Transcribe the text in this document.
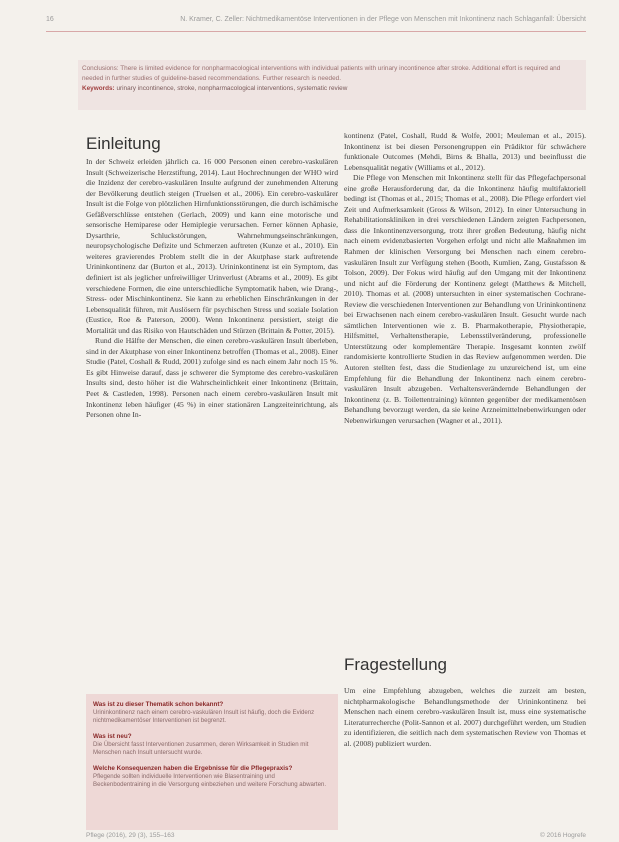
16	N. Kramer, C. Zeller: Nichtmedikamentöse Interventionen in der Pflege von Menschen mit Inkontinenz nach Schlaganfall: Übersicht
Conclusions: There is limited evidence for nonpharmacological interventions with individual patients with urinary incontinence after stroke. Additional effort is required and needed in further studies of guideline-based recommendations. Further research is needed.
Keywords: urinary incontinence, stroke, nonpharmacological interventions, systematic review
Einleitung

In der Schweiz erleiden jährlich ca. 16 000 Personen einen cerebro-vaskulären Insult (Schweizerische Herzstiftung, 2014). Laut Hochrechnungen der WHO wird die Inzidenz der cerebro-vaskulären Insulte aufgrund der zunehmenden Alterung der Bevölkerung deutlich steigen (Truelsen et al., 2006). Ein cerebro-vaskulärer Insult ist die Folge von plötzlichen Hirnfunktionsstörungen, die durch ischämische Gefäßverschlüsse entstehen (Gerlach, 2009) und kann eine motorische und sensorische Hemiparese oder Hemiplegie verursachen. Ferner können Aphasie, Dysarthrie, Schluckstörungen, Wahrnehmungseinschränkungen, neuropsychologische Defizite und Schmerzen auftreten (Kunze et al., 2010). Ein weiteres gravierendes Problem stellt die in der Akutphase stark auftretende Urininkontinenz dar (Burton et al., 2013). Urininkontinenz ist ein Symptom, das definiert ist als jeglicher unfreiwilliger Urinverlust (Abrams et al., 2009). Es gibt verschiedene Formen, die eine unterschiedliche Symptomatik haben, wie Drang-, Stress- oder Mischinkontinenz. Sie kann zu erheblichen Einschränkungen in der Lebensqualität führen, mit Auslösern für psychischen Stress und soziale Isolation (Eustice, Roe & Paterson, 2000). Wenn Inkontinenz persistiert, steigt die Mortalität und das Risiko von Hautschäden und Stürzen (Brittain & Potter, 2015).

Rund die Hälfte der Menschen, die einen cerebro-vaskulären Insult überleben, sind in der Akutphase von einer Inkontinenz betroffen (Thomas et al., 2008). Einer Studie (Patel, Coshall & Rudd, 2001) zufolge sind es nach einem Jahr noch 15 %. Es gibt Hinweise darauf, dass je schwerer die Symptome des cerebro-vaskulären Insults sind, desto höher ist die Wahrscheinlichkeit einer Inkontinenz (Brittain, Peet & Castleden, 1998). Personen nach einem cerebro-vaskulären Insult mit Inkontinenz leben häufiger (45 %) in einer stationären Langzeiteinrichtung, als Personen ohne In-

Was ist zu dieser Thematik schon bekannt?
Urininkontinenz nach einem cerebro-vaskulären Insult ist häufig, doch die Evidenz nichtmedikamentöser Interventionen ist begrenzt.
Was ist neu?
Die Übersicht fasst Interventionen zusammen, deren Wirksamkeit in Studien mit Menschen nach Insult untersucht wurde.
Welche Konsequenzen haben die Ergebnisse für die Pflegepraxis?
Pflegende sollten individuelle Interventionen wie Blasentraining und Beckenbodentraining in die Versorgung einbeziehen und weitere Forschung abwarten.

kontinenz (Patel, Coshall, Rudd & Wolfe, 2001; Meuleman et al., 2015). Inkontinenz ist bei diesen Personengruppen ein Prädiktor für schwächere funktionale Outcomes (Mehdi, Birns & Bhalla, 2013) und beeinflusst die Lebensqualität negativ (Williams et al., 2012).

Die Pflege von Menschen mit Inkontinenz stellt für das Pflegefachpersonal eine große Herausforderung dar, da die Inkontinenz häufig multifaktoriell bedingt ist (Thomas et al., 2015; Thomas et al., 2008). Die Pflege erfordert viel Zeit und Aufmerksamkeit (Gross & Wilson, 2012). In einer Untersuchung in Rehabilitationskliniken in drei verschiedenen Ländern zeigten Fachpersonen, dass die Inkontinenzversorgung, trotz ihrer großen Bedeutung, häufig nicht nach einem evidenzbasierten Vorgehen erfolgt und nicht alle Maßnahmen im Rahmen der klinischen Versorgung bei Menschen nach einem cerebro-vaskulären Insult zur Verfügung stehen (Booth, Kumlien, Zang, Gustafsson & Tolson, 2009). Der Fokus wird häufig auf den Umgang mit der Inkontinenz und nicht auf die Förderung der Kontinenz gelegt (Matthews & Mitchell, 2010). Thomas et al. (2008) untersuchten in einer systematischen Cochrane-Review die verschiedenen Interventionen zur Behandlung von Urininkontinenz bei Erwachsenen nach einem cerebro-vaskulären Insult. Gesucht wurde nach sämtlichen Interventionen wie z. B. Pharmakotherapie, Physiotherapie, Hilfsmittel, Verhaltenstherapie, Lebensstilveränderung, professionelle Unterstützung oder komplementäre Therapie. Insgesamt konnten zwölf randomisierte kontrollierte Studien in das Review aufgenommen werden. Die Autoren stellten fest, dass die Studienlage zu unzureichend ist, um eine Empfehlung für die Behandlung der Inkontinenz nach einem cerebro-vaskulären Insult abzugeben. Verhaltensverändernde Behandlungen der Inkontinenz (z. B. Toilettentraining) könnten gegenüber der medikamentösen Behandlung bevorzugt werden, da sie keine Arzneimittelnebenwirkungen oder Nebenwirkungen verursachen (Wagner et al., 2011).

Fragestellung

Um eine Empfehlung abzugeben, welches die zurzeit am besten, nichtpharmakologische Behandlungsmethode der Urininkontinenz bei Menschen nach einem cerebro-vaskulären Insult ist, muss eine systematische Literaturrecherche (Polit-Sannon et al. 2007) durchgeführt werden, um Studien zu identifizieren, die seitlich nach dem systematischen Review von Thomas et al. (2008) publiziert wurden.

Pflege (2016), 29 (3), 155–163	© 2016 Hogrefe
